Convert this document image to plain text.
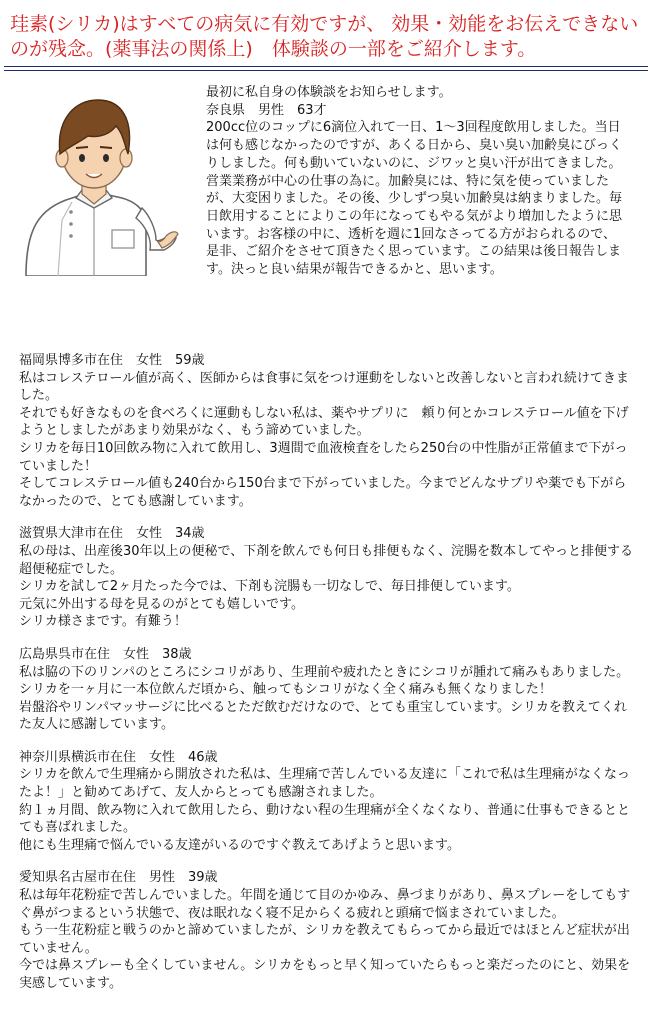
珪素(シリカ)はすべての病気に有効ですが、 効果・効能をお伝えできないのが残念。(薬事法の関係上)　体験談の一部をご紹介します。

最初に私自身の体験談をお知らせします。

奈良県　男性　63才

200cc位のコップに6滴位入れて一日、1～3回程度飲用しました。当日は何も感じなかったのですが、あくる日から、臭い臭い加齢臭にびっくりしました。何も動いていないのに、ジワッと臭い汗が出てきました。営業業務が中心の仕事の為に。加齢臭には、特に気を使っていましたが、大変困りました。その後、少しずつ臭い加齢臭は納まりました。毎日飲用することによりこの年になってもやる気がより増加したように思います。お客様の中に、透析を週に1回なさってる方がおられるので、是非、ご紹介をさせて頂きたく思っています。この結果は後日報告します。決っと良い結果が報告できるかと、思います。

福岡県博多市在住　女性　59歳

私はコレステロール値が高く、医師からは食事に気をつけ運動をしないと改善しないと言われ続けてきました。

それでも好きなものを食べろくに運動もしない私は、薬やサプリに　頼り何とかコレステロール値を下げようとしましたがあまり効果がなく、もう諦めていました。

シリカを毎日10回飲み物に入れて飲用し、3週間で血液検査をしたら250台の中性脂が正常値まで下がっていました！

そしてコレステロール値も240台から150台まで下がっていました。今までどんなサプリや薬でも下がらなかったので、とても感謝しています。

滋賀県大津市在住　女性　34歳

私の母は、出産後30年以上の便秘で、下剤を飲んでも何日も排便もなく、浣腸を数本してやっと排便する超便秘症でした。

シリカを試して2ヶ月たった今では、下剤も浣腸も一切なしで、毎日排便しています。

元気に外出する母を見るのがとても嬉しいです。

シリカ様さまです。有難う！

広島県呉市在住　女性　38歳

私は脇の下のリンパのところにシコリがあり、生理前や疲れたときにシコリが腫れて痛みもありました。

シリカを一ヶ月に一本位飲んだ頃から、触ってもシコリがなく全く痛みも無くなりました！

岩盤浴やリンパマッサージに比べるとただ飲むだけなので、とても重宝しています。シリカを教えてくれた友人に感謝しています。

神奈川県横浜市在住　女性　46歳

シリカを飲んで生理痛から開放された私は、生理痛で苦しんでいる友達に「これで私は生理痛がなくなったよ！」と勧めてあげて、友人からとっても感謝されました。

約１ヵ月間、飲み物に入れて飲用したら、動けない程の生理痛が全くなくなり、普通に仕事もできるととても喜ばれました。

他にも生理痛で悩んでいる友達がいるのですぐ教えてあげようと思います。

愛知県名古屋市在住　男性　39歳

私は毎年花粉症で苦しんでいました。年間を通じて目のかゆみ、鼻づまりがあり、鼻スプレーをしてもすぐ鼻がつまるという状態で、夜は眠れなく寝不足からくる疲れと頭痛で悩まされていました。

もう一生花粉症と戦うのかと諦めていましたが、シリカを教えてもらってから最近ではほとんど症状が出ていません。

今では鼻スプレーも全くしていません。シリカをもっと早く知っていたらもっと楽だったのにと、効果を実感しています。
